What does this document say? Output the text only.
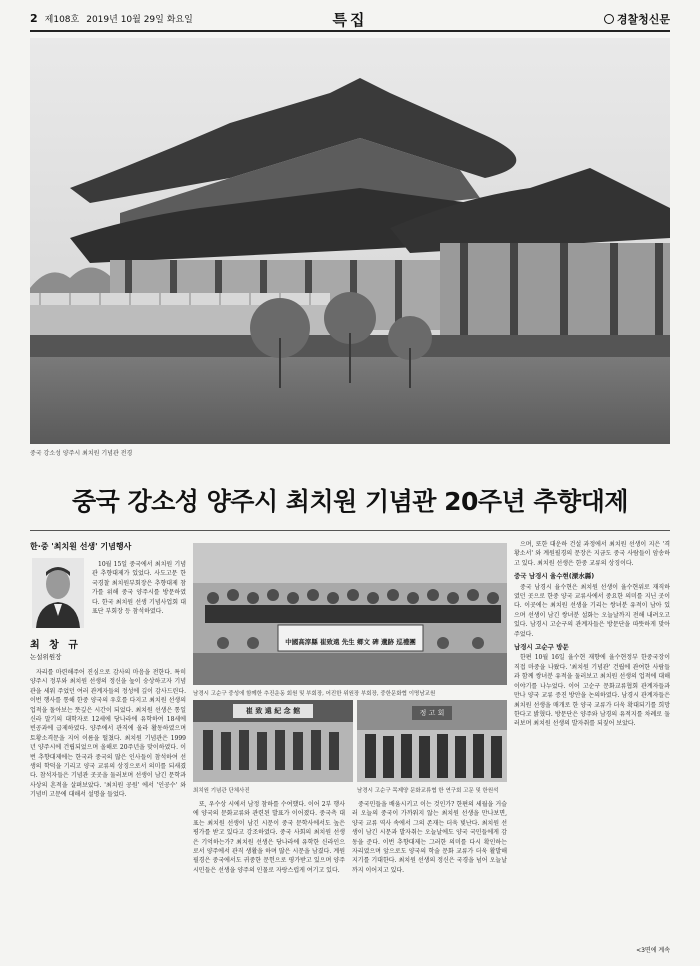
2 제108호 2019년 10월 29일 화요일	특집	경찰청신문
중국 강소성 양주시 최치원 기념관 전경
중국 강소성 양주시 최치원 기념관 20주년 추향대제
한·중 '최치원 선생' 기념행사
최 창 규
논설위원장

10월 15일 중국에서 최치원 기념관 추향대제가 있었다. 사도고문 한국경찰 최치원부회장은 추향대제 참가를 위해 중국 양주시를 방문하였다. 한국 최치원 선생 기념사업회 대표단 부회장 등 참석하였다.

자리를 마련해주어 진심으로 감사의 마음을 전한다. 특히 양주시 정부와 최치원 선생의 정신을 높이 숭상하고자 기념관을 세워 주었던 여러 관계자들의 정성에 깊이 감사드린다. 이번 행사를 통해 한중 양국의 우호를 다지고 최치원 선생의 업적을 돌아보는 뜻깊은 시간이 되었다. 최치원 선생은 통일신라 말기의 대학자로 12세에 당나라에 유학하여 18세에 빈공과에 급제하였다. 양주에서 관직에 올라 활동하였으며 토황소격문을 지어 이름을 떨쳤다. 최치원 기념관은 1999년 양주시에 건립되었으며 올해로 20주년을 맞이하였다. 이번 추향대제에는 한국과 중국의 많은 인사들이 참석하여 선생의 학덕을 기리고 양국 교류의 상징으로서 의미를 되새겼다. 참석자들은 기념관 곳곳을 둘러보며 선생이 남긴 문학과 사상의 흔적을 살펴보았다. '최치원 공원' 에서 '인공수' 와 기념비 고문에 대해서 설명을 들었다.

中國高淳縣 崔致遠 先生 鄉文 碑 遺跡 巡禮團
남경시 고순구 중성에 함께한 추진운동 회원 및 부회장, 어진한 위원장 부회장, 중한문화협 이명남교원
崔 致 遠 紀 念 館
최치원 기념관 단체사진
정 고 회
남경시 고순구 목제양 문화교류협 한 연구회 고문 및 한원석

또, 우수상 시에서 남정 참하를 수여했다. 이어 2부 행사에 양국의 문화교류와 관련된 발표가 이어졌다. 중국측 대표는 최치원 선생이 남긴 시문이 중국 문학사에서도 높은 평가를 받고 있다고 강조하였다. 중국 사회의 최치원 선생은 기억하는가? 최치원 선생은 당나라에 유학한 신라인으로서 양주에서 관직 생활을 하며 많은 시문을 남겼다. 계원필경은 중국에서도 귀중한 문헌으로 평가받고 있으며 양주시민들은 선생을 양주의 인물로 자랑스럽게 여기고 있다.

중국민들을 배움시키고 이는 것인가? 한편의 세월을 거슬러 오늘의 중국이 가까워지 않는 최치원 선생을 만나보면, 양국 교류 역사 속에서 그의 존재는 더욱 빛난다. 최치원 선생이 남긴 시문과 발자취는 오늘날에도 양국 국민들에게 감동을 준다. 이번 추향대제는 그러한 의미를 다시 확인하는 자리였으며 앞으로도 양국의 학술 문화 교류가 더욱 활발해지기를 기대한다. 최치원 선생의 정신은 국경을 넘어 오늘날까지 이어지고 있다.

으며, 또한 대운하 건설 과정에서 최치원 선생이 지은 '격황소서' 와 계원필경의 문장은 지금도 중국 사람들이 암송하고 있다. 최치원 선생은 한중 교류의 상징이다.

중국 남경시 율수현(溧水縣)

중국 남경시 율수현은 최치원 선생이 율수현위로 재직하였던 곳으로 한중 양국 교류사에서 중요한 의미를 지닌 곳이다. 이곳에는 최치원 선생을 기리는 쌍녀분 유적이 남아 있으며 선생이 남긴 쌍녀분 설화는 오늘날까지 전해 내려오고 있다. 남경시 고순구의 관계자들은 방문단을 따뜻하게 맞아주었다.

남경시 고순구 방문

한편 10월 16일 율수현 재향에 율수현정부 한중국장이 직접 마중을 나왔다. '최치원 기념관' 건립에 관여한 사람들과 함께 쌍녀분 유적을 둘러보고 최치원 선생의 업적에 대해 이야기를 나누었다. 이어 고순구 문화교류협회 관계자들과 만나 양국 교류 증진 방안을 논의하였다. 남경시 관계자들은 최치원 선생을 매개로 한 양국 교류가 더욱 확대되기를 희망한다고 밝혔다. 방문단은 양주와 남경의 유적지를 차례로 둘러보며 최치원 선생의 발자취를 되짚어 보았다.

<3면에 계속
